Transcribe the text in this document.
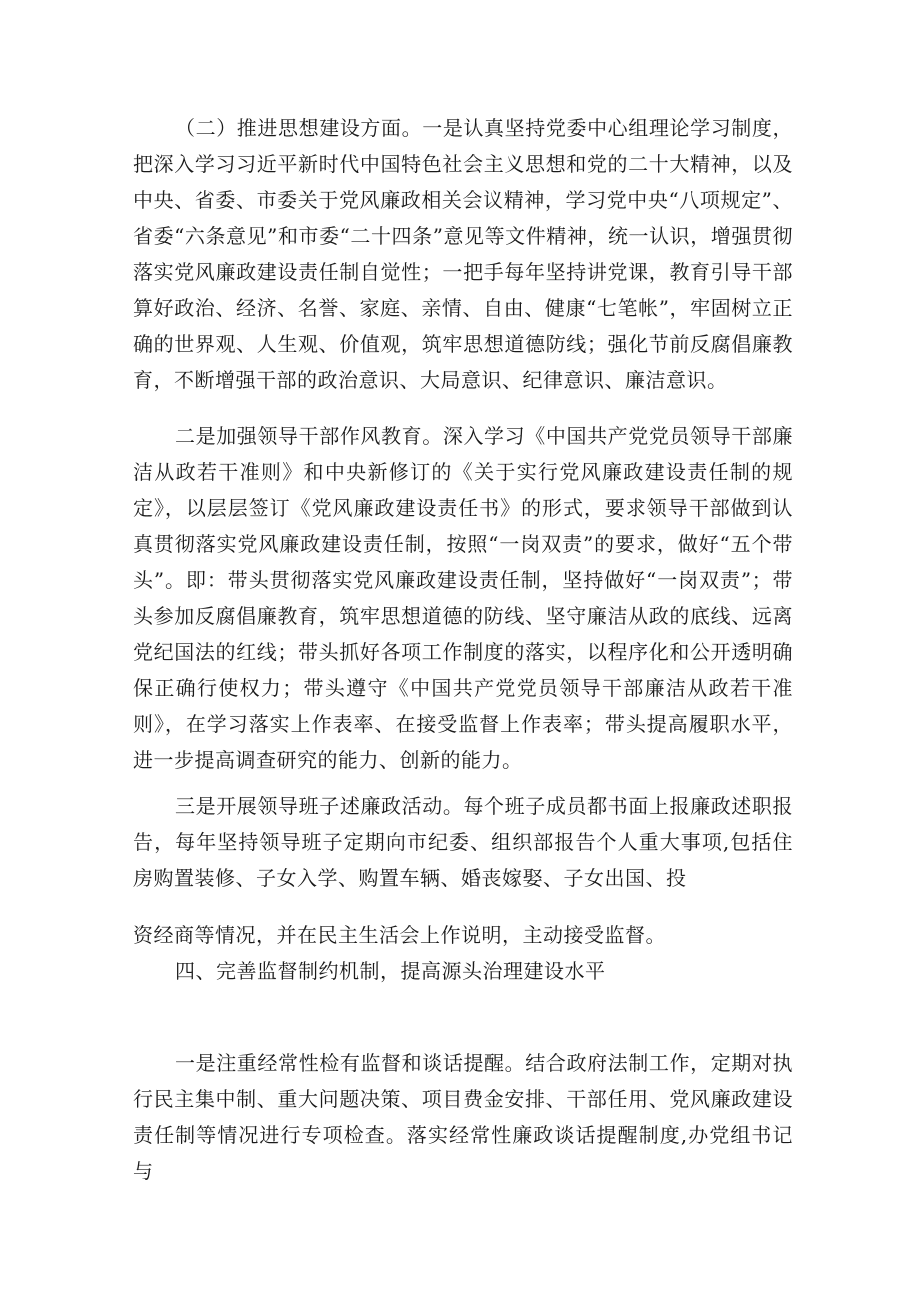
（二）推进思想建设方面。一是认真坚持党委中心组理论学习制度，把深入学习习近平新时代中国特色社会主义思想和党的二十大精神，以及中央、省委、市委关于党风廉政相关会议精神，学习党中央“八项规定”、省委“六条意见”和市委“二十四条”意见等文件精神，统一认识，增强贯彻落实党风廉政建设责任制自觉性；一把手每年坚持讲党课，教育引导干部算好政治、经济、名誉、家庭、亲情、自由、健康“七笔帐”，牢固树立正确的世界观、人生观、价值观，筑牢思想道德防线；强化节前反腐倡廉教育，不断增强干部的政治意识、大局意识、纪律意识、廉洁意识。

二是加强领导干部作风教育。深入学习《中国共产党党员领导干部廉洁从政若干准则》和中央新修订的《关于实行党风廉政建设责任制的规定》，以层层签订《党风廉政建设责任书》的形式，要求领导干部做到认真贯彻落实党风廉政建设责任制，按照“一岗双责”的要求，做好“五个带头”。即：带头贯彻落实党风廉政建设责任制，坚持做好“一岗双责”；带头参加反腐倡廉教育，筑牢思想道德的防线、坚守廉洁从政的底线、远离党纪国法的红线；带头抓好各项工作制度的落实，以程序化和公开透明确保正确行使权力；带头遵守《中国共产党党员领导干部廉洁从政若干准则》，在学习落实上作表率、在接受监督上作表率；带头提高履职水平，进一步提高调查研究的能力、创新的能力。

三是开展领导班子述廉政活动。每个班子成员都书面上报廉政述职报告，每年坚持领导班子定期向市纪委、组织部报告个人重大事项,包括住房购置装修、子女入学、购置车辆、婚丧嫁娶、子女出国、投

资经商等情况，并在民主生活会上作说明，主动接受监督。

四、完善监督制约机制，提高源头治理建设水平

一是注重经常性检有监督和谈话提醒。结合政府法制工作，定期对执行民主集中制、重大问题决策、项目费金安排、干部任用、党风廉政建设责任制等情况进行专项检查。落实经常性廉政谈话提醒制度,办党组书记与
